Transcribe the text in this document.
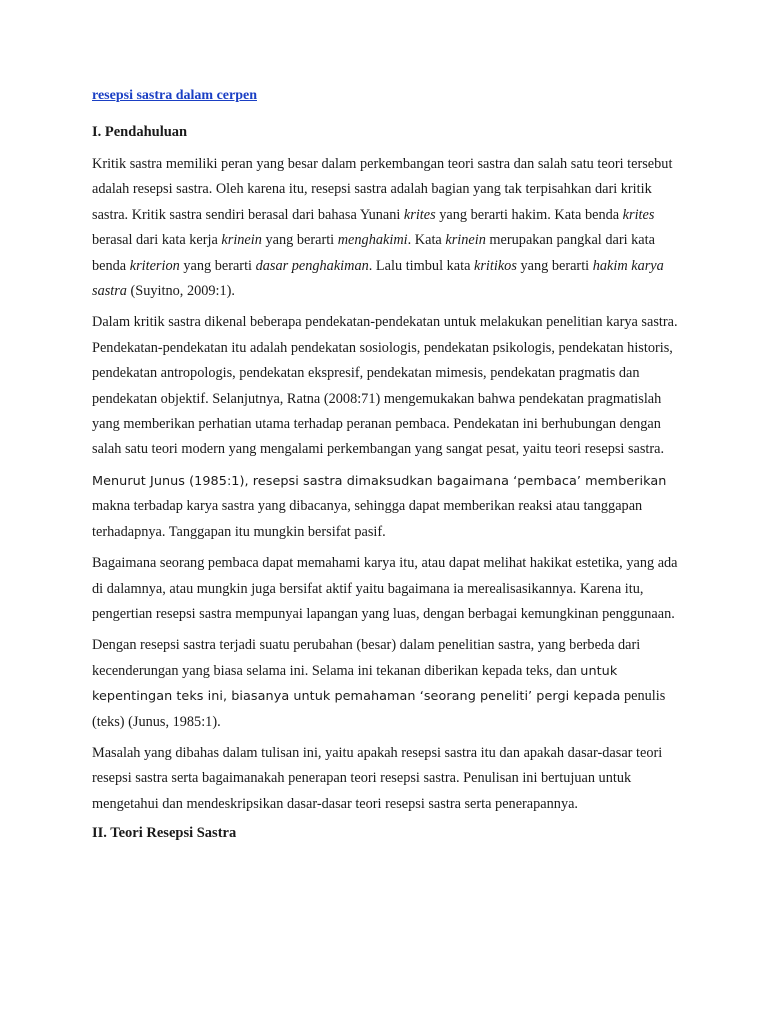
resepsi sastra dalam cerpen
I. Pendahuluan

Kritik sastra memiliki peran yang besar dalam perkembangan teori sastra dan salah satu teori tersebut adalah resepsi sastra. Oleh karena itu, resepsi sastra adalah bagian yang tak terpisahkan dari kritik sastra. Kritik sastra sendiri berasal dari bahasa Yunani krites yang berarti hakim. Kata benda krites berasal dari kata kerja krinein yang berarti menghakimi. Kata krinein merupakan pangkal dari kata benda kriterion yang berarti dasar penghakiman. Lalu timbul kata kritikos yang berarti hakim karya sastra (Suyitno, 2009:1).

Dalam kritik sastra dikenal beberapa pendekatan-pendekatan untuk melakukan penelitian karya sastra. Pendekatan-pendekatan itu adalah pendekatan sosiologis, pendekatan psikologis, pendekatan historis, pendekatan antropologis, pendekatan ekspresif, pendekatan mimesis, pendekatan pragmatis dan pendekatan objektif. Selanjutnya, Ratna (2008:71) mengemukakan bahwa pendekatan pragmatislah yang memberikan perhatian utama terhadap peranan pembaca. Pendekatan ini berhubungan dengan salah satu teori modern yang mengalami perkembangan yang sangat pesat, yaitu teori resepsi sastra.

Menurut Junus (1985:1), resepsi sastra dimaksudkan bagaimana ‘pembaca’ memberikan makna terbadap karya sastra yang dibacanya, sehingga dapat memberikan reaksi atau tanggapan terhadapnya. Tanggapan itu mungkin bersifat pasif.

Bagaimana seorang pembaca dapat memahami karya itu, atau dapat melihat hakikat estetika, yang ada di dalamnya, atau mungkin juga bersifat aktif yaitu bagaimana ia merealisasikannya. Karena itu, pengertian resepsi sastra mempunyai lapangan yang luas, dengan berbagai kemungkinan penggunaan.

Dengan resepsi sastra terjadi suatu perubahan (besar) dalam penelitian sastra, yang berbeda dari kecenderungan yang biasa selama ini. Selama ini tekanan diberikan kepada teks, dan untuk kepentingan teks ini, biasanya untuk pemahaman ‘seorang peneliti’ pergi kepada penulis (teks) (Junus, 1985:1).

Masalah yang dibahas dalam tulisan ini, yaitu apakah resepsi sastra itu dan apakah dasar-dasar teori resepsi sastra serta bagaimanakah penerapan teori resepsi sastra. Penulisan ini bertujuan untuk mengetahui dan mendeskripsikan dasar-dasar teori resepsi sastra serta penerapannya.

II. Teori Resepsi Sastra
